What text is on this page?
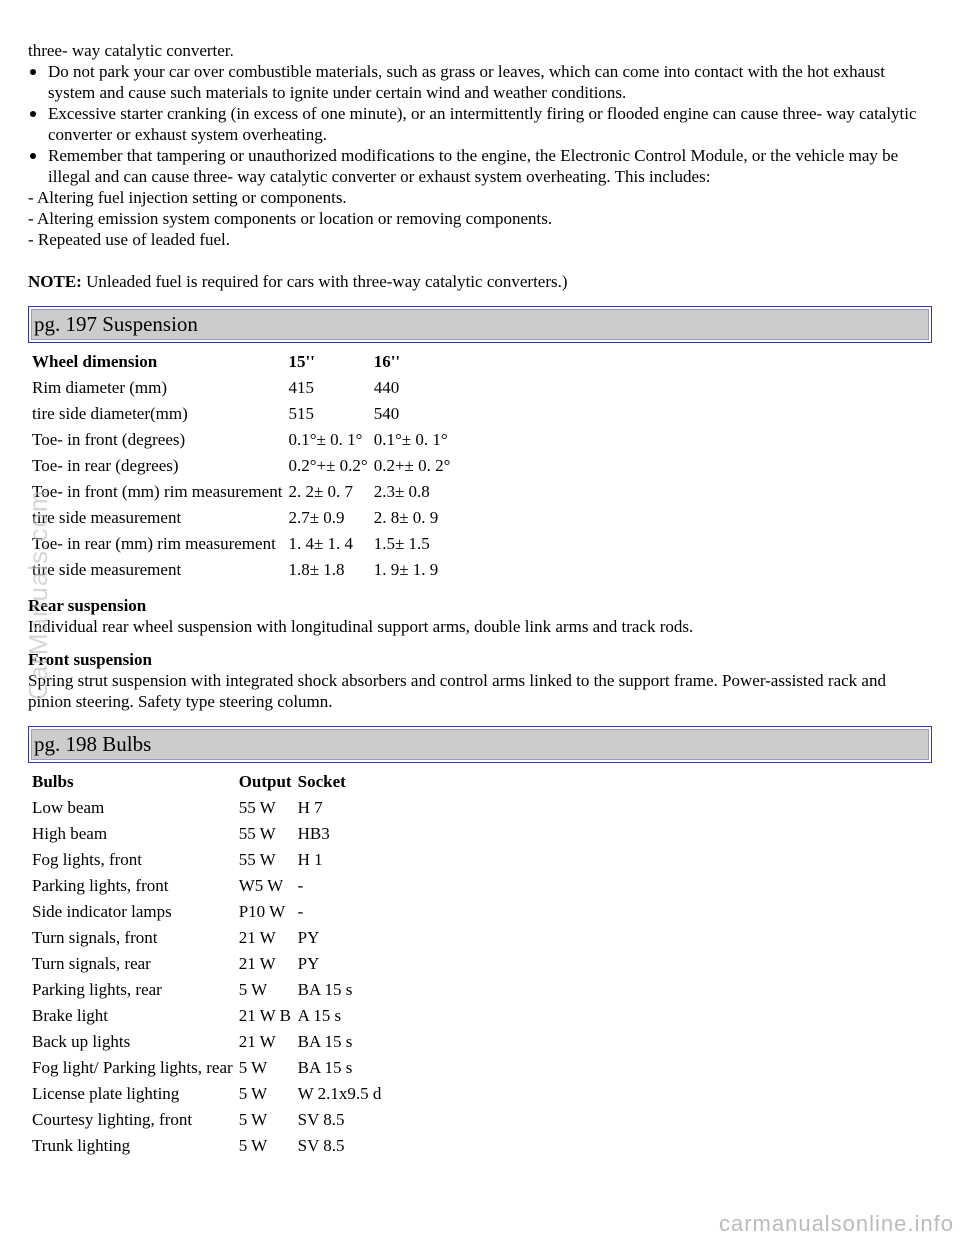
three- way catalytic converter.

Do not park your car over combustible materials, such as grass or leaves, which can come into contact with the hot exhaust system and cause such materials to ignite under certain wind and weather conditions.
Excessive starter cranking (in excess of one minute), or an intermittently firing or flooded engine can cause three- way catalytic converter or exhaust system overheating.
Remember that tampering or unauthorized modifications to the engine, the Electronic Control Module, or the vehicle may be illegal and can cause three- way catalytic converter or exhaust system overheating. This includes:

- Altering fuel injection setting or components.

- Altering emission system components or location or removing components.

- Repeated use of leaded fuel.

NOTE: Unleaded fuel is required for cars with three-way catalytic converters.)

pg. 197 Suspension
Wheel dimension	15''	16''
Rim diameter (mm)	415	440
tire side diameter(mm)	515	540
Toe- in front (degrees)	0.1°± 0. 1°	0.1°± 0. 1°
Toe- in rear (degrees)	0.2°+± 0.2°	0.2+± 0. 2°
Toe- in front (mm) rim measurement	2. 2± 0. 7	2.3± 0.8
tire side measurement	2.7± 0.9	2. 8± 0. 9
Toe- in rear (mm) rim measurement	1. 4± 1. 4	1.5± 1.5
tire side measurement	1.8± 1.8	1. 9± 1. 9
Rear suspension

Individual rear wheel suspension with longitudinal support arms, double link arms and track rods.

Front suspension

Spring strut suspension with integrated shock absorbers and control arms linked to the support frame. Power-assisted rack and pinion steering. Safety type steering column.

pg. 198 Bulbs
Bulbs	Output	Socket
Low beam	55 W	H 7
High beam	55 W	HB3
Fog lights, front	55 W	H 1
Parking lights, front	W5 W	-
Side indicator lamps	P10 W	-
Turn signals, front	21 W	PY
Turn signals, rear	21 W	PY
Parking lights, rear	5 W	BA 15 s
Brake light	21 W B	A 15 s
Back up lights	21 W	BA 15 s
Fog light/ Parking lights, rear	5 W	BA 15 s
License plate lighting	5 W	W 2.1x9.5 d
Courtesy lighting, front	5 W	SV 8.5
Trunk lighting	5 W	SV 8.5
CarManuals.com
carmanualsonline.info
